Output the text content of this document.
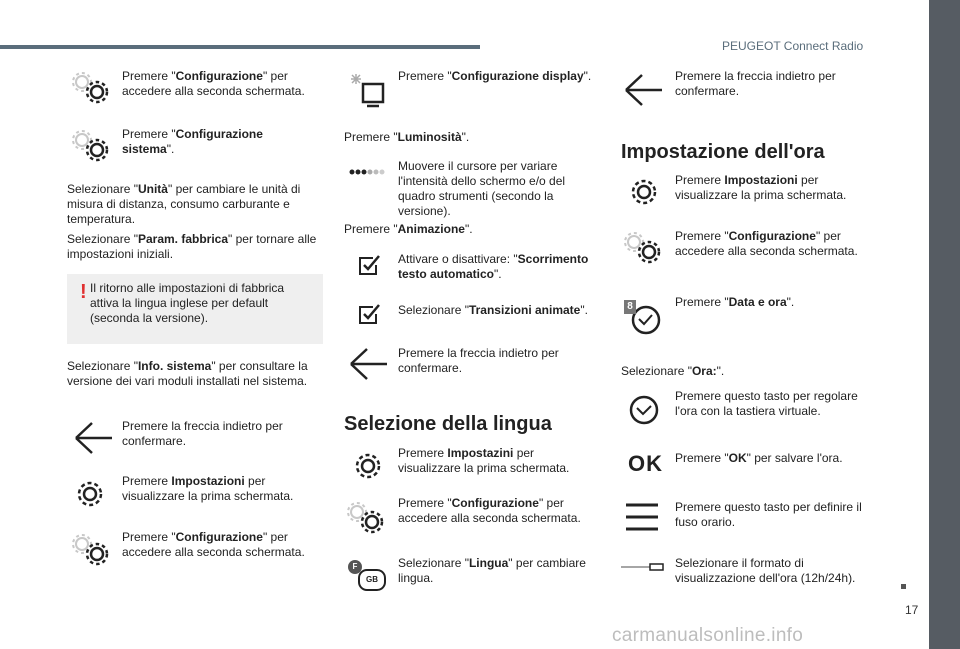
PEUGEOT Connect Radio
17
carmanualsonline.info
Premere "Configurazione" per accedere alla seconda schermata.
Premere "Configurazione sistema".
Selezionare "Unità" per cambiare le unità di misura di distanza, consumo carburante e temperatura.
Selezionare "Param. fabbrica" per tornare alle impostazioni iniziali.
! Il ritorno alle impostazioni di fabbrica attiva la lingua inglese per default (seconda la versione).
Selezionare "Info. sistema" per consultare la versione dei vari moduli installati nel sistema.
Premere la freccia indietro per confermare.
Premere Impostazioni per visualizzare la prima schermata.
Premere "Configurazione" per accedere alla seconda schermata.
Premere "Configurazione display".
Premere "Luminosità".
Muovere il cursore per variare l'intensità dello schermo e/o del quadro strumenti (secondo la versione).
Premere "Animazione".
Attivare o disattivare: "Scorrimento testo automatico".
Selezionare "Transizioni animate".
Premere la freccia indietro per confermare.
Selezione della lingua
Premere Impostazini per visualizzare la prima schermata.
Premere "Configurazione" per accedere alla seconda schermata.
F
GB
Selezionare "Lingua" per cambiare lingua.
Premere la freccia indietro per confermare.
Impostazione dell'ora
Premere Impostazioni per visualizzare la prima schermata.
Premere "Configurazione" per accedere alla seconda schermata.
8	Premere "Data e ora".
Selezionare "Ora:".
Premere questo tasto per regolare l'ora con la tastiera virtuale.
OK Premere "OK" per salvare l'ora.
Premere questo tasto per definire il fuso orario.
Selezionare il formato di visualizzazione dell'ora (12h/24h).
